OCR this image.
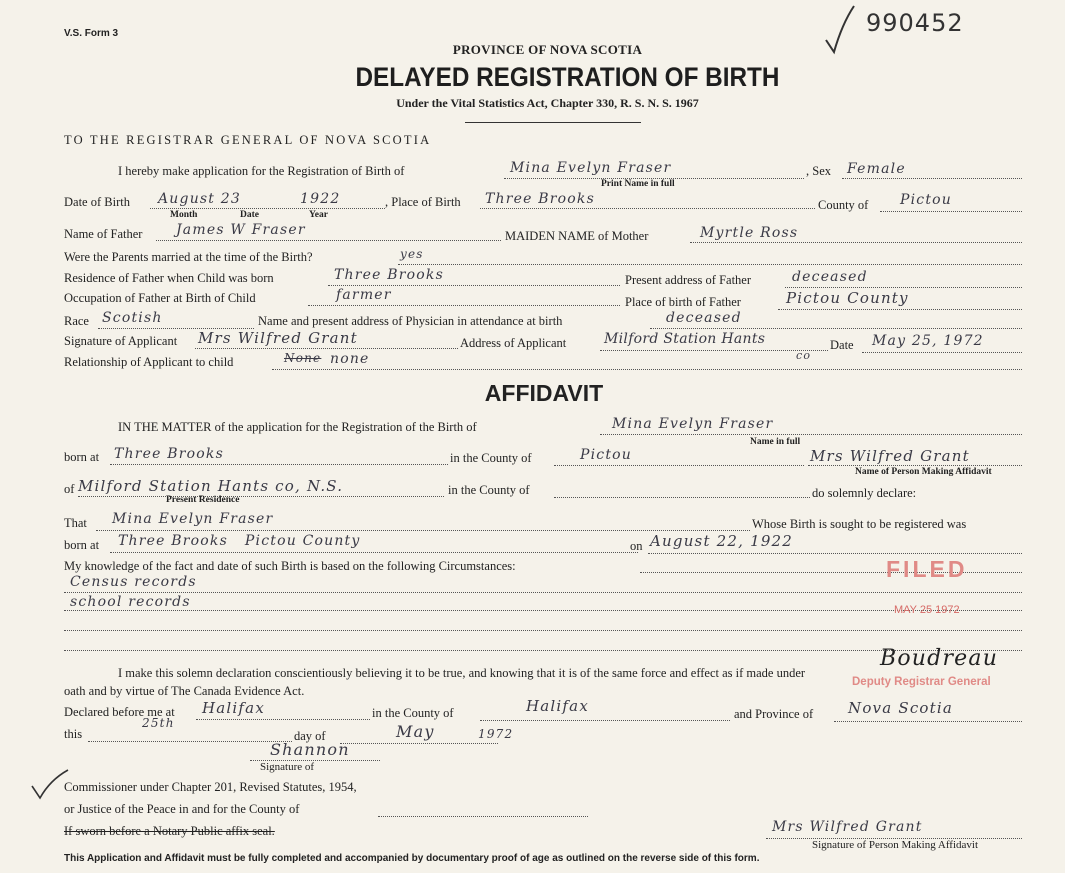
V.S. Form 3	990452
PROVINCE OF NOVA SCOTIA
DELAYED REGISTRATION OF BIRTH
Under the Vital Statistics Act, Chapter 330, R. S. N. S. 1967
TO THE REGISTRAR GENERAL OF NOVA SCOTIA
I hereby make application for the Registration of Birth of	Mina Evelyn Fraser
Print Name in full
, Sex Female
Date of Birth August 23	1922
Month	Date	Year
, Place of Birth Three Brooks	County of Pictou
Name of Father James W Fraser	MAIDEN NAME of Mother	Myrtle Ross
Were the Parents married at the time of the Birth?	yes
Residence of Father when Child was born	Three Brooks	Present address of Father	deceased
Occupation of Father at Birth of Child	farmer	Place of birth of Father	Pictou County
Race Scotish	Name and present address of Physician in attendance at birth	deceased
Signature of Applicant Mrs Wilfred Grant	Address of Applicant	Milford Station Hants
co
Date May 25, 1972
Relationship of Applicant to child	None none
AFFIDAVIT
IN THE MATTER of the application for the Registration of the Birth of	Mina Evelyn Fraser
Name in full
born at Three Brooks	in the County of	Pictou	Mrs Wilfred Grant
Name of Person Making Affidavit
of Milford Station Hants co, N.S.
Present Residence
in the County of	do solemnly declare:
That Mina Evelyn Fraser	Whose Birth is sought to be registered was
born at Three Brooks   Pictou County	on August 22, 1922
My knowledge of the fact and date of such Birth is based on the following Circumstances:
Census records
school records
I make this solemn declaration conscientiously believing it to be true, and knowing that it is of the same force and effect as if made under
oath and by virtue of The Canada Evidence Act.
Declared before me at Halifax	in the County of	Halifax	and Province of Nova Scotia
this
25th
day of	May	1972
Shannon
Signature of
Commissioner under Chapter 201, Revised Statutes, 1954,
or Justice of the Peace in and for the County of
If sworn before a Notary Public affix seal.	Mrs Wilfred Grant
Signature of Person Making Affidavit
FILED
MAY 25 1972
Boudreau
Deputy Registrar General
This Application and Affidavit must be fully completed and accompanied by documentary proof of age as outlined on the reverse side of this form.
